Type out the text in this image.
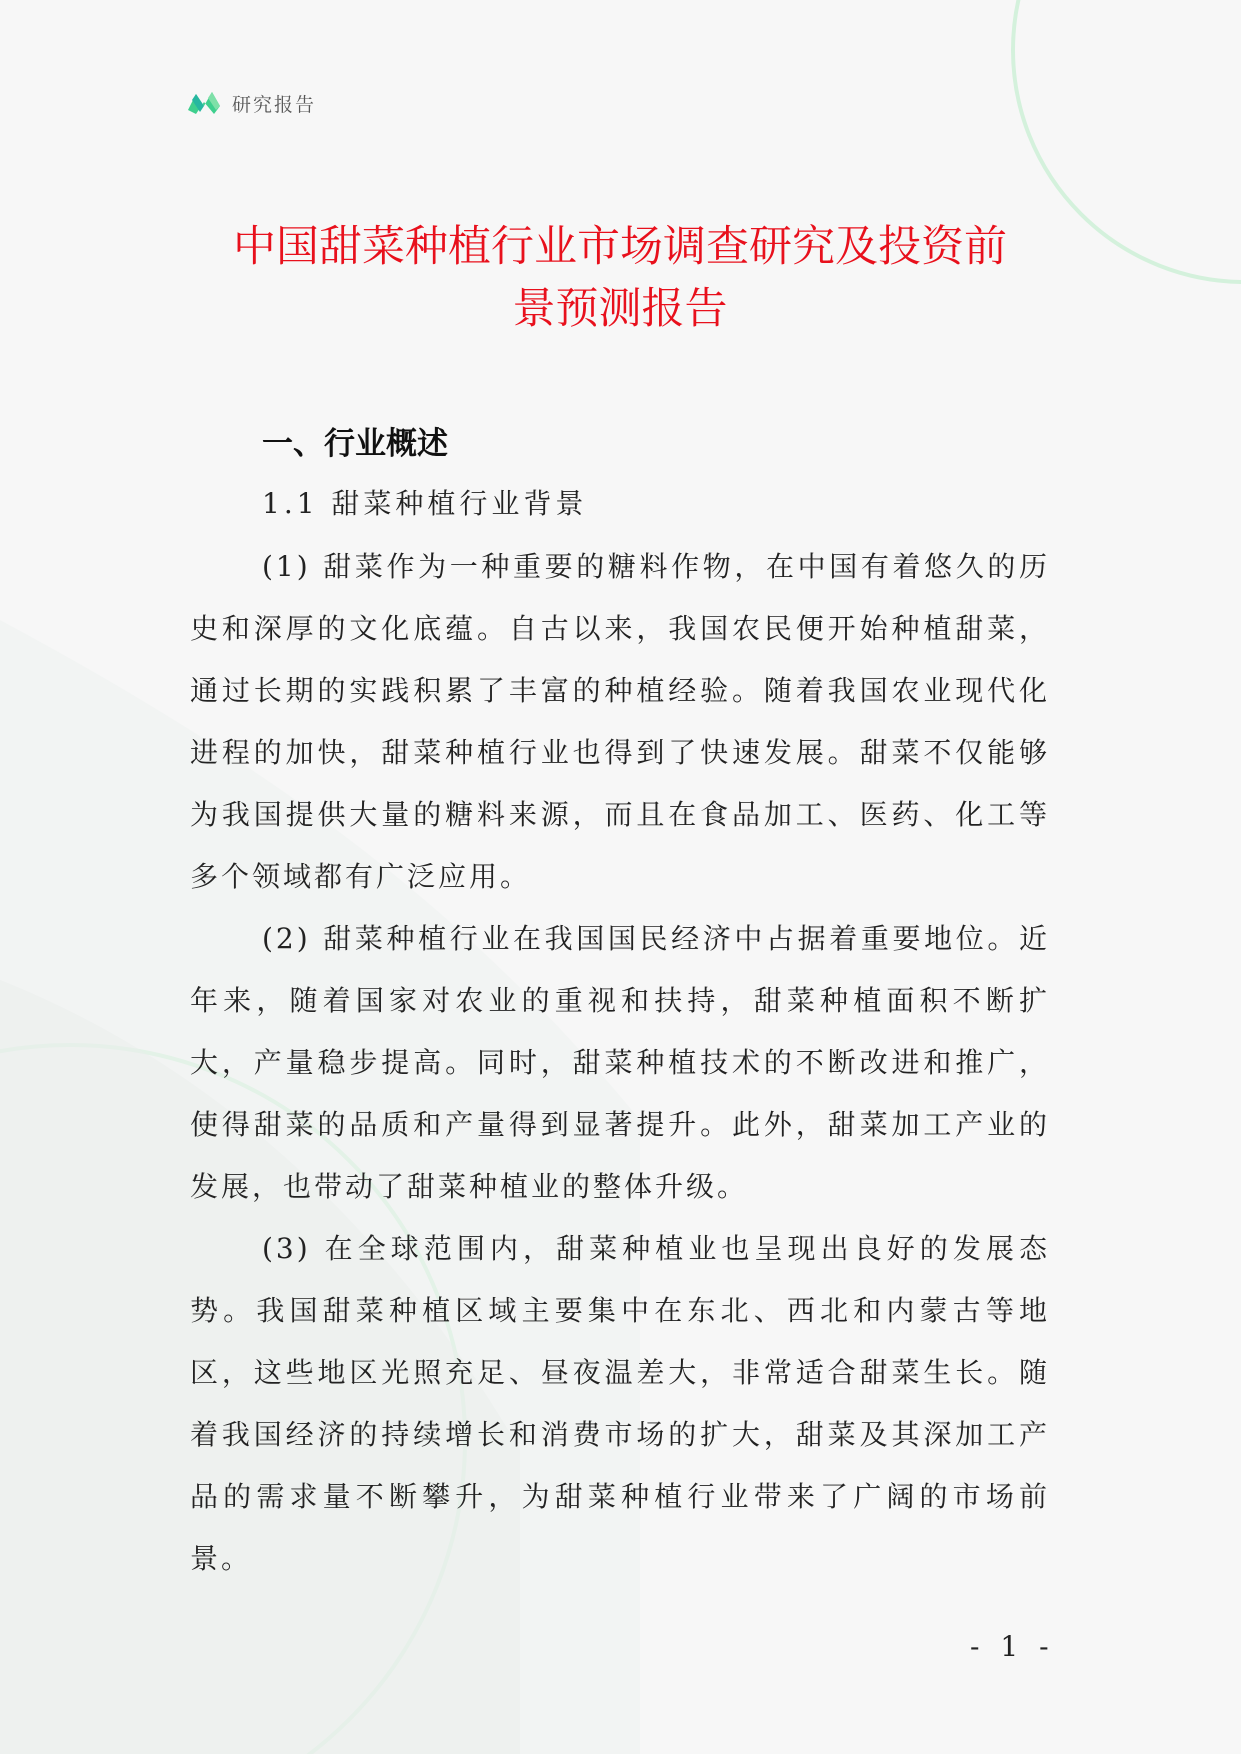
研究报告
中国甜菜种植行业市场调查研究及投资前
景预测报告
一、行业概述
1.1 甜菜种植行业背景

(1) 甜菜作为一种重要的糖料作物，在中国有着悠久的历史和深厚的文化底蕴。自古以来，我国农民便开始种植甜菜，通过长期的实践积累了丰富的种植经验。随着我国农业现代化进程的加快，甜菜种植行业也得到了快速发展。甜菜不仅能够为我国提供大量的糖料来源，而且在食品加工、医药、化工等多个领域都有广泛应用。

(2) 甜菜种植行业在我国国民经济中占据着重要地位。近年来，随着国家对农业的重视和扶持，甜菜种植面积不断扩大，产量稳步提高。同时，甜菜种植技术的不断改进和推广，使得甜菜的品质和产量得到显著提升。此外，甜菜加工产业的发展，也带动了甜菜种植业的整体升级。

(3) 在全球范围内，甜菜种植业也呈现出良好的发展态势。我国甜菜种植区域主要集中在东北、西北和内蒙古等地区，这些地区光照充足、昼夜温差大，非常适合甜菜生长。随着我国经济的持续增长和消费市场的扩大，甜菜及其深加工产品的需求量不断攀升，为甜菜种植行业带来了广阔的市场前景。

- 1 -
